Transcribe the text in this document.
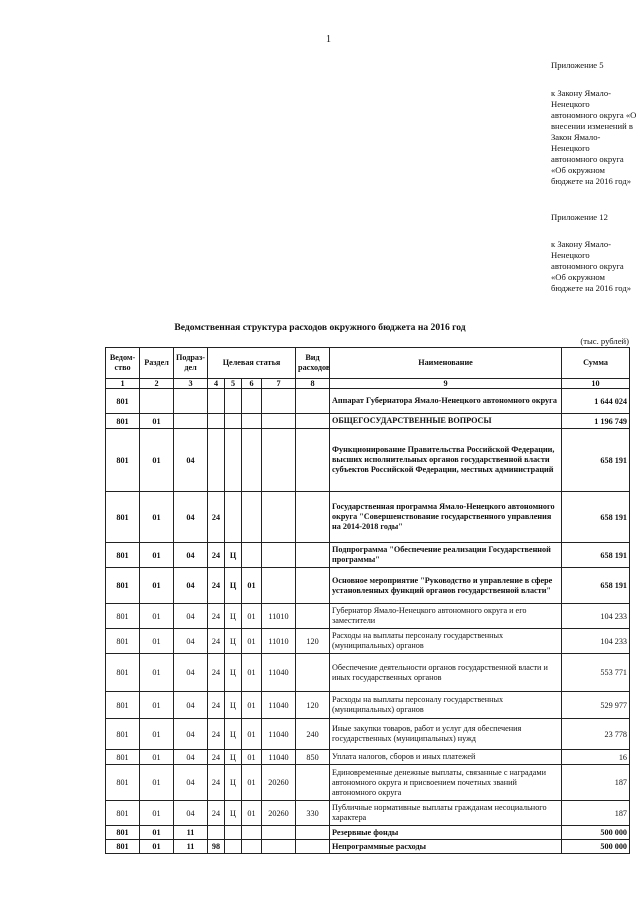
1
Приложение 5
к Закону Ямало-Ненецкого автономного округа «О внесении изменений в Закон Ямало-Ненецкого автономного округа «Об окружном бюджете на 2016 год»
Приложение 12
к Закону Ямало-Ненецкого автономного округа «Об окружном бюджете на 2016 год»
Ведомственная структура расходов окружного бюджета на 2016 год
(тыс. рублей)
Ведом-ство	Раздел	Подраз-дел	Целевая статья				Вид расходов	Наименование	Сумма
1	2	3	4	5	6	7	8	9	10
801								Аппарат Губернатора Ямало-Ненецкого автономного округа	1 644 024
801	01							ОБЩЕГОСУДАРСТВЕННЫЕ ВОПРОСЫ	1 196 749
801	01	04						Функционирование Правительства Российской Федерации, высших исполнительных органов государственной власти субъектов Российской Федерации, местных администраций	658 191
801	01	04	24					Государственная программа Ямало-Ненецкого автономного округа "Совершенствование государственного управления на 2014-2018 годы"	658 191
801	01	04	24	Ц				Подпрограмма "Обеспечение реализации Государственной программы"	658 191
801	01	04	24	Ц	01			Основное мероприятие "Руководство и управление в сфере установленных функций органов государственной власти"	658 191
801	01	04	24	Ц	01	11010		Губернатор Ямало-Ненецкого автономного округа и его заместители	104 233
801	01	04	24	Ц	01	11010	120	Расходы на выплаты персоналу государственных (муниципальных) органов	104 233
801	01	04	24	Ц	01	11040		Обеспечение деятельности органов государственной власти и иных государственных органов	553 771
801	01	04	24	Ц	01	11040	120	Расходы на выплаты персоналу государственных (муниципальных) органов	529 977
801	01	04	24	Ц	01	11040	240	Иные закупки товаров, работ и услуг для обеспечения государственных (муниципальных) нужд	23 778
801	01	04	24	Ц	01	11040	850	Уплата налогов, сборов и иных платежей	16
801	01	04	24	Ц	01	20260		Единовременные денежные выплаты, связанные с наградами автономного округа и присвоением почетных званий автономного округа	187
801	01	04	24	Ц	01	20260	330	Публичные нормативные выплаты гражданам несоциального характера	187
801	01	11						Резервные фонды	500 000
801	01	11	98					Непрограммные расходы	500 000
